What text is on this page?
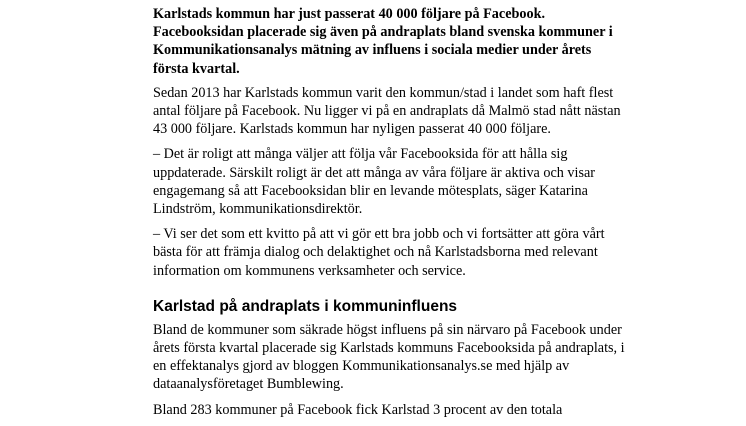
Karlstads kommun har just passerat 40 000 följare på Facebook. Facebooksidan placerade sig även på andraplats bland svenska kommuner i Kommunikationsanalys mätning av influens i sociala medier under årets första kvartal.

Sedan 2013 har Karlstads kommun varit den kommun/stad i landet som haft flest antal följare på Facebook. Nu ligger vi på en andraplats då Malmö stad nått nästan 43 000 följare. Karlstads kommun har nyligen passerat 40 000 följare.

– Det är roligt att många väljer att följa vår Facebooksida för att hålla sig uppdaterade. Särskilt roligt är det att många av våra följare är aktiva och visar engagemang så att Facebooksidan blir en levande mötesplats, säger Katarina Lindström, kommunikationsdirektör.

– Vi ser det som ett kvitto på att vi gör ett bra jobb och vi fortsätter att göra vårt bästa för att främja dialog och delaktighet och nå Karlstadsborna med relevant information om kommunens verksamheter och service.

Karlstad på andraplats i kommuninfluens

Bland de kommuner som säkrade högst influens på sin närvaro på Facebook under årets första kvartal placerade sig Karlstads kommuns Facebooksida på andraplats, i en effektanalys gjord av bloggen Kommunikationsanalys.se med hjälp av dataanalysföretaget Bumblewing.

Bland 283 kommuner på Facebook fick Karlstad 3 procent av den totala
